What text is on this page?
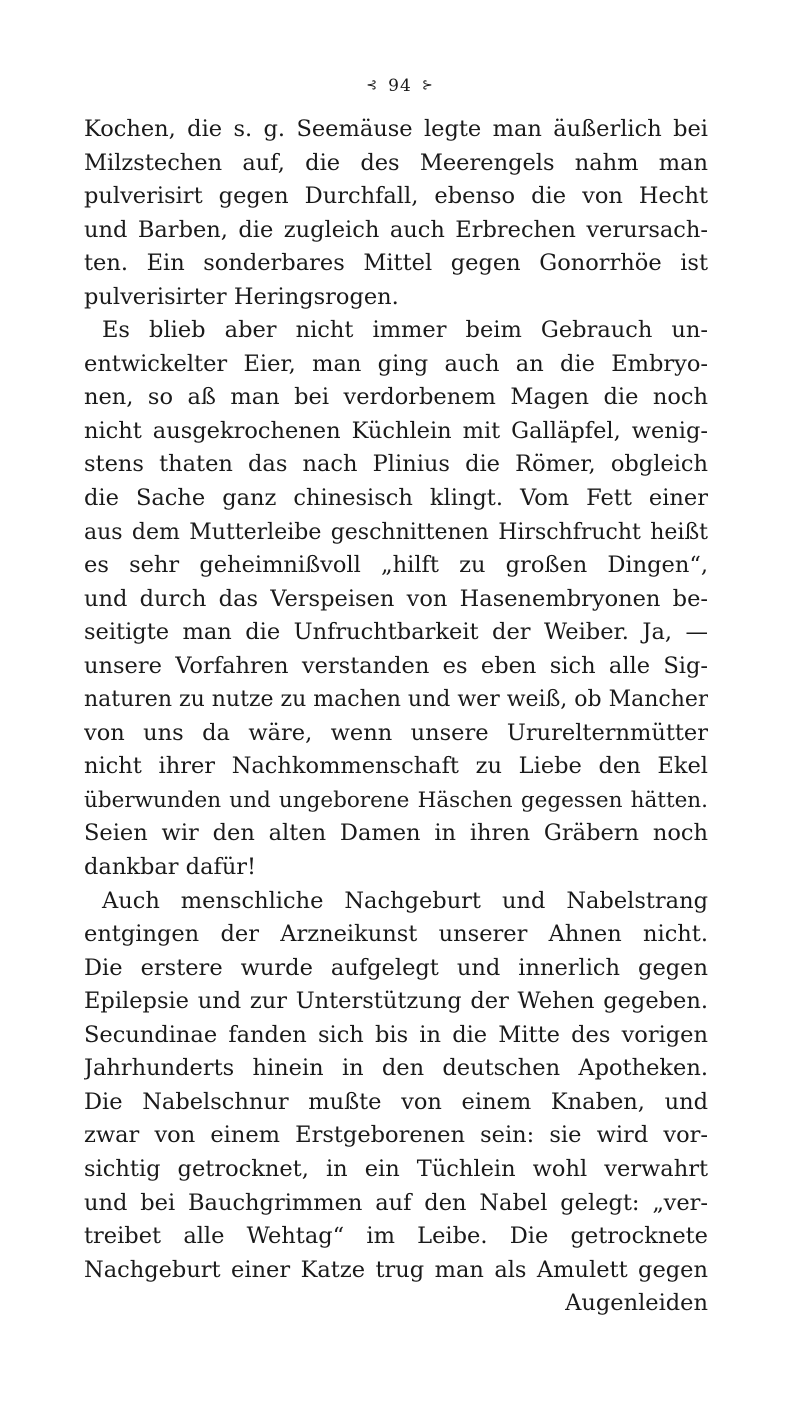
⊰ 94 ⊱
Kochen, die s. g. Seemäuse legte man äußerlich bei
Milzstechen auf, die des Meerengels nahm man
pulverisirt gegen Durchfall, ebenso die von Hecht
und Barben, die zugleich auch Erbrechen verursach-
ten. Ein sonderbares Mittel gegen Gonorrhöe ist
pulverisirter Heringsrogen.
Es blieb aber nicht immer beim Gebrauch un-
entwickelter Eier, man ging auch an die Embryo-
nen, so aß man bei verdorbenem Magen die noch
nicht ausgekrochenen Küchlein mit Galläpfel, wenig-
stens thaten das nach Plinius die Römer, obgleich
die Sache ganz chinesisch klingt. Vom Fett einer
aus dem Mutterleibe geschnittenen Hirschfrucht heißt
es sehr geheimnißvoll „hilft zu großen Dingen“,
und durch das Verspeisen von Hasenembryonen be-
seitigte man die Unfruchtbarkeit der Weiber. Ja, —
unsere Vorfahren verstanden es eben sich alle Sig-
naturen zu nutze zu machen und wer weiß, ob Mancher
von uns da wäre, wenn unsere Ururelternmütter
nicht ihrer Nachkommenschaft zu Liebe den Ekel
überwunden und ungeborene Häschen gegessen hätten.
Seien wir den alten Damen in ihren Gräbern noch
dankbar dafür!
Auch menschliche Nachgeburt und Nabelstrang
entgingen der Arzneikunst unserer Ahnen nicht.
Die erstere wurde aufgelegt und innerlich gegen
Epilepsie und zur Unterstützung der Wehen gegeben.
Secundinae fanden sich bis in die Mitte des vorigen
Jahrhunderts hinein in den deutschen Apotheken.
Die Nabelschnur mußte von einem Knaben, und
zwar von einem Erstgeborenen sein: sie wird vor-
sichtig getrocknet, in ein Tüchlein wohl verwahrt
und bei Bauchgrimmen auf den Nabel gelegt: „ver-
treibet alle Wehtag“ im Leibe. Die getrocknete
Nachgeburt einer Katze trug man als Amulett gegen
Augenleiden
